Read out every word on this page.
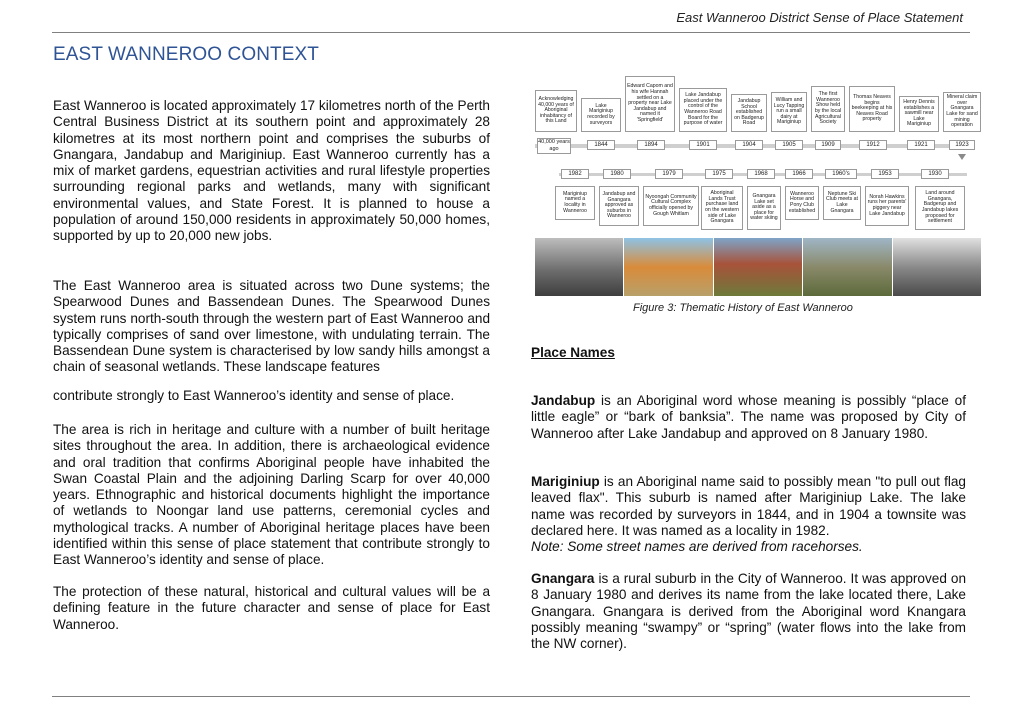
East Wanneroo District Sense of Place Statement
EAST WANNEROO CONTEXT

East Wanneroo is located approximately 17 kilometres north of the Perth Central Business District at its southern point and approximately 28 kilometres at its most northern point and comprises the suburbs of Gnangara, Jandabup and Mariginiup. East Wanneroo currently has a mix of market gardens, equestrian activities and rural lifestyle properties surrounding regional parks and wetlands, many with significant environmental values, and State Forest. It is planned to house a population of around 150,000 residents in approximately 50,000 homes, supported by up to 20,000 new jobs.

The East Wanneroo area is situated across two Dune systems; the Spearwood Dunes and Bassendean Dunes. The Spearwood Dunes system runs north-south through the western part of East Wanneroo and typically comprises of sand over limestone, with undulating terrain. The Bassendean Dune system is characterised by low sandy hills amongst a chain of seasonal wetlands. These landscape features

contribute strongly to East Wanneroo’s identity and sense of place.

The area is rich in heritage and culture with a number of built heritage sites throughout the area. In addition, there is archaeological evidence and oral tradition that confirms Aboriginal people have inhabited the Swan Coastal Plain and the adjoining Darling Scarp for over 40,000 years. Ethnographic and historical documents highlight the importance of wetlands to Noongar land use patterns, ceremonial cycles and mythological tracks. A number of Aboriginal heritage places have been identified within this sense of place statement that contribute strongly to East Wanneroo’s identity and sense of place.

The protection of these natural, historical and cultural values will be a defining feature in the future character and sense of place for East Wanneroo.

Acknowledging 40,000 years of Aboriginal inhabitancy of this Land
Lake Mariginiup recorded by surveyors
Edward Capom and his wife Hannah settled on a property near Lake Jandabup and named it 'Springfield'
Lake Jandabup placed under the control of the Wanneroo Road Board for the purpose of water
Jandabup School established on Badgerup Road
William and Lucy Tapping run a small dairy at Mariginiup
The first Wanneroo Show held by the local Agricultural Society
Thomas Neaves begins beekeeping at his Neaves Road property
Henry Dennis establishes a sawmill near Lake Mariginiup
Mineral claim over Gnangara Lake for sand mining operation
40,000 years ago
1844	1894	1901	1904	1905	1909	1912	1921	1923
1982	1980	1979	1975	1968	1966	1960's	1953	1930
Mariginiup named a locality in Wanneroo
Jandabup and Gnangara approved as suburbs in Wanneroo
Nyoongah Community Cultural Complex officially opened by Gough Whitlam
Aboriginal Lands Trust purchase land on the western side of Lake Gnangara
Gnangara Lake set aside as a place for water skiing
Wanneroo Horse and Pony Club established
Neptune Ski Club meets at Lake Gnangara
Norah Hawkins runs her parents' piggery near Lake Jandabup
Land around Gnangara, Badgerup and Jandabup lakes proposed for settlement
Figure 3: Thematic History of East Wanneroo
Place Names

Jandabup is an Aboriginal word whose meaning is possibly “place of little eagle” or “bark of banksia”. The name was proposed by City of Wanneroo after Lake Jandabup and approved on 8 January 1980.

Mariginiup is an Aboriginal name said to possibly mean "to pull out flag leaved flax". This suburb is named after Mariginiup Lake. The lake name was recorded by surveyors in 1844, and in 1904 a townsite was declared here. It was named as a locality in 1982.

Note: Some street names are derived from racehorses.

Gnangara is a rural suburb in the City of Wanneroo. It was approved on 8 January 1980 and derives its name from the lake located there, Lake Gnangara. Gnangara is derived from the Aboriginal word Knangara possibly meaning “swampy” or “spring” (water flows into the lake from the NW corner).
